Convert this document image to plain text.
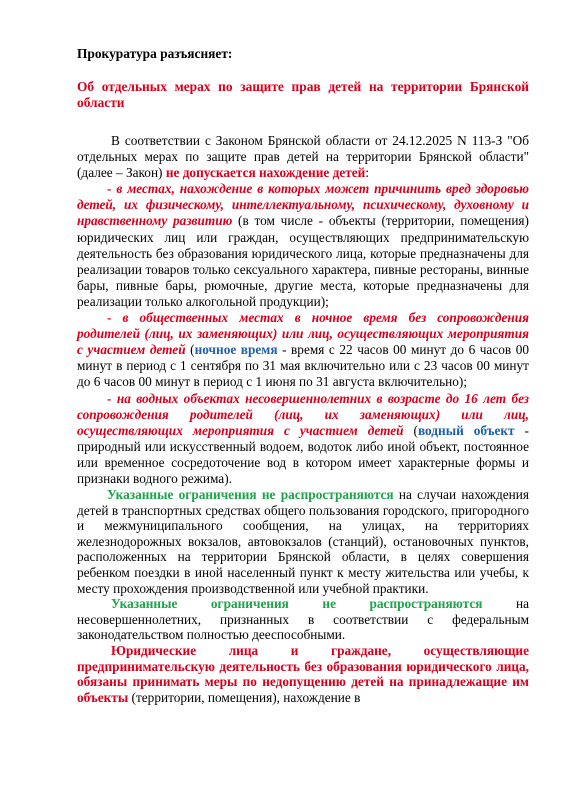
Прокуратура разъясняет:

Об отдельных мерах по защите прав детей на территории Брянской области

В соответствии с Законом Брянской области от 24.12.2025 N 113-З "Об отдельных мерах по защите прав детей на территории Брянской области" (далее – Закон) не допускается нахождение детей:

- в местах, нахождение в которых может причинить вред здоровью детей, их физическому, интеллектуальному, психическому, духовному и нравственному развитию (в том числе - объекты (территории, помещения) юридических лиц или граждан, осуществляющих предпринимательскую деятельность без образования юридического лица, которые предназначены для реализации товаров только сексуального характера, пивные рестораны, винные бары, пивные бары, рюмочные, другие места, которые предназначены для реализации только алкогольной продукции);

- в общественных местах в ночное время без сопровождения родителей (лиц, их заменяющих) или лиц, осуществляющих мероприятия с участием детей (ночное время - время с 22 часов 00 минут до 6 часов 00 минут в период с 1 сентября по 31 мая включительно или с 23 часов 00 минут до 6 часов 00 минут в период с 1 июня по 31 августа включительно);

- на водных объектах несовершеннолетних в возрасте до 16 лет без сопровождения родителей (лиц, их заменяющих) или лиц, осуществляющих мероприятия с участием детей (водный объект - природный или искусственный водоем, водоток либо иной объект, постоянное или временное сосредоточение вод в котором имеет характерные формы и признаки водного режима).

Указанные ограничения не распространяются на случаи нахождения детей в транспортных средствах общего пользования городского, пригородного и межмуниципального сообщения, на улицах, на территориях железнодорожных вокзалов, автовокзалов (станций), остановочных пунктов, расположенных на территории Брянской области, в целях совершения ребенком поездки в иной населенный пункт к месту жительства или учебы, к месту прохождения производственной или учебной практики.

Указанные ограничения не распространяются на несовершеннолетних, признанных в соответствии с федеральным законодательством полностью дееспособными.

Юридические лица и граждане, осуществляющие предпринимательскую деятельность без образования юридического лица, обязаны принимать меры по недопущению детей на принадлежащие им объекты (территории, помещения), нахождение в
